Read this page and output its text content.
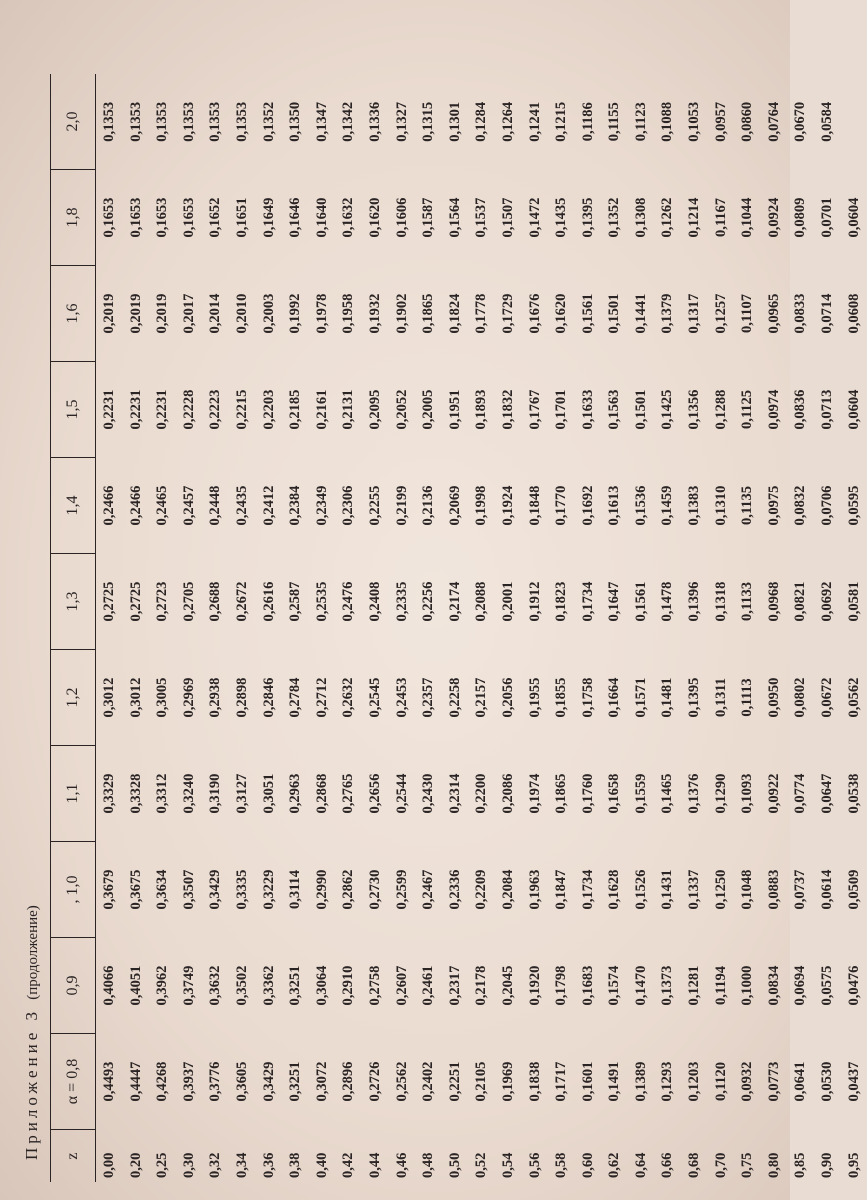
Приложение 3 (продолжение)
z	α = 0,8	0,9	, 1,0	1,1	1,2	1,3	1,4	1,5	1,6	1,8	2,0
0,00	0,4493	0,4066	0,3679	0,3329	0,3012	0,2725	0,2466	0,2231	0,2019	0,1653	0,1353
0,20	0,4447	0,4051	0,3675	0,3328	0,3012	0,2725	0,2466	0,2231	0,2019	0,1653	0,1353
0,25	0,4268	0,3962	0,3634	0,3312	0,3005	0,2723	0,2465	0,2231	0,2019	0,1653	0,1353
0,30	0,3937	0,3749	0,3507	0,3240	0,2969	0,2705	0,2457	0,2228	0,2017	0,1653	0,1353
0,32	0,3776	0,3632	0,3429	0,3190	0,2938	0,2688	0,2448	0,2223	0,2014	0,1652	0,1353
0,34	0,3605	0,3502	0,3335	0,3127	0,2898	0,2672	0,2435	0,2215	0,2010	0,1651	0,1353
0,36	0,3429	0,3362	0,3229	0,3051	0,2846	0,2616	0,2412	0,2203	0,2003	0,1649	0,1352
0,38	0,3251	0,3251	0,3114	0,2963	0,2784	0,2587	0,2384	0,2185	0,1992	0,1646	0,1350
0,40	0,3072	0,3064	0,2990	0,2868	0,2712	0,2535	0,2349	0,2161	0,1978	0,1640	0,1347
0,42	0,2896	0,2910	0,2862	0,2765	0,2632	0,2476	0,2306	0,2131	0,1958	0,1632	0,1342
0,44	0,2726	0,2758	0,2730	0,2656	0,2545	0,2408	0,2255	0,2095	0,1932	0,1620	0,1336
0,46	0,2562	0,2607	0,2599	0,2544	0,2453	0,2335	0,2199	0,2052	0,1902	0,1606	0,1327
0,48	0,2402	0,2461	0,2467	0,2430	0,2357	0,2256	0,2136	0,2005	0,1865	0,1587	0,1315
0,50	0,2251	0,2317	0,2336	0,2314	0,2258	0,2174	0,2069	0,1951	0,1824	0,1564	0,1301
0,52	0,2105	0,2178	0,2209	0,2200	0,2157	0,2088	0,1998	0,1893	0,1778	0,1537	0,1284
0,54	0,1969	0,2045	0,2084	0,2086	0,2056	0,2001	0,1924	0,1832	0,1729	0,1507	0,1264
0,56	0,1838	0,1920	0,1963	0,1974	0,1955	0,1912	0,1848	0,1767	0,1676	0,1472	0,1241
0,58	0,1717	0,1798	0,1847	0,1865	0,1855	0,1823	0,1770	0,1701	0,1620	0,1435	0,1215
0,60	0,1601	0,1683	0,1734	0,1760	0,1758	0,1734	0,1692	0,1633	0,1561	0,1395	0,1186
0,62	0,1491	0,1574	0,1628	0,1658	0,1664	0,1647	0,1613	0,1563	0,1501	0,1352	0,1155
0,64	0,1389	0,1470	0,1526	0,1559	0,1571	0,1561	0,1536	0,1501	0,1441	0,1308	0,1123
0,66	0,1293	0,1373	0,1431	0,1465	0,1481	0,1478	0,1459	0,1425	0,1379	0,1262	0,1088
0,68	0,1203	0,1281	0,1337	0,1376	0,1395	0,1396	0,1383	0,1356	0,1317	0,1214	0,1053
0,70	0,1120	0,1194	0,1250	0,1290	0,1311	0,1318	0,1310	0,1288	0,1257	0,1167	0,0957
0,75	0,0932	0,1000	0,1048	0,1093	0,1113	0,1133	0,1135	0,1125	0,1107	0,1044	0,0860
0,80	0,0773	0,0834	0,0883	0,0922	0,0950	0,0968	0,0975	0,0974	0,0965	0,0924	0,0764
0,85	0,0641	0,0694	0,0737	0,0774	0,0802	0,0821	0,0832	0,0836	0,0833	0,0809	0,0670
0,90	0,0530	0,0575	0,0614	0,0647	0,0672	0,0692	0,0706	0,0713	0,0714	0,0701	0,0584
0,95	0,0437	0,0476	0,0509	0,0538	0,0562	0,0581	0,0595	0,0604	0,0608	0,0604	
